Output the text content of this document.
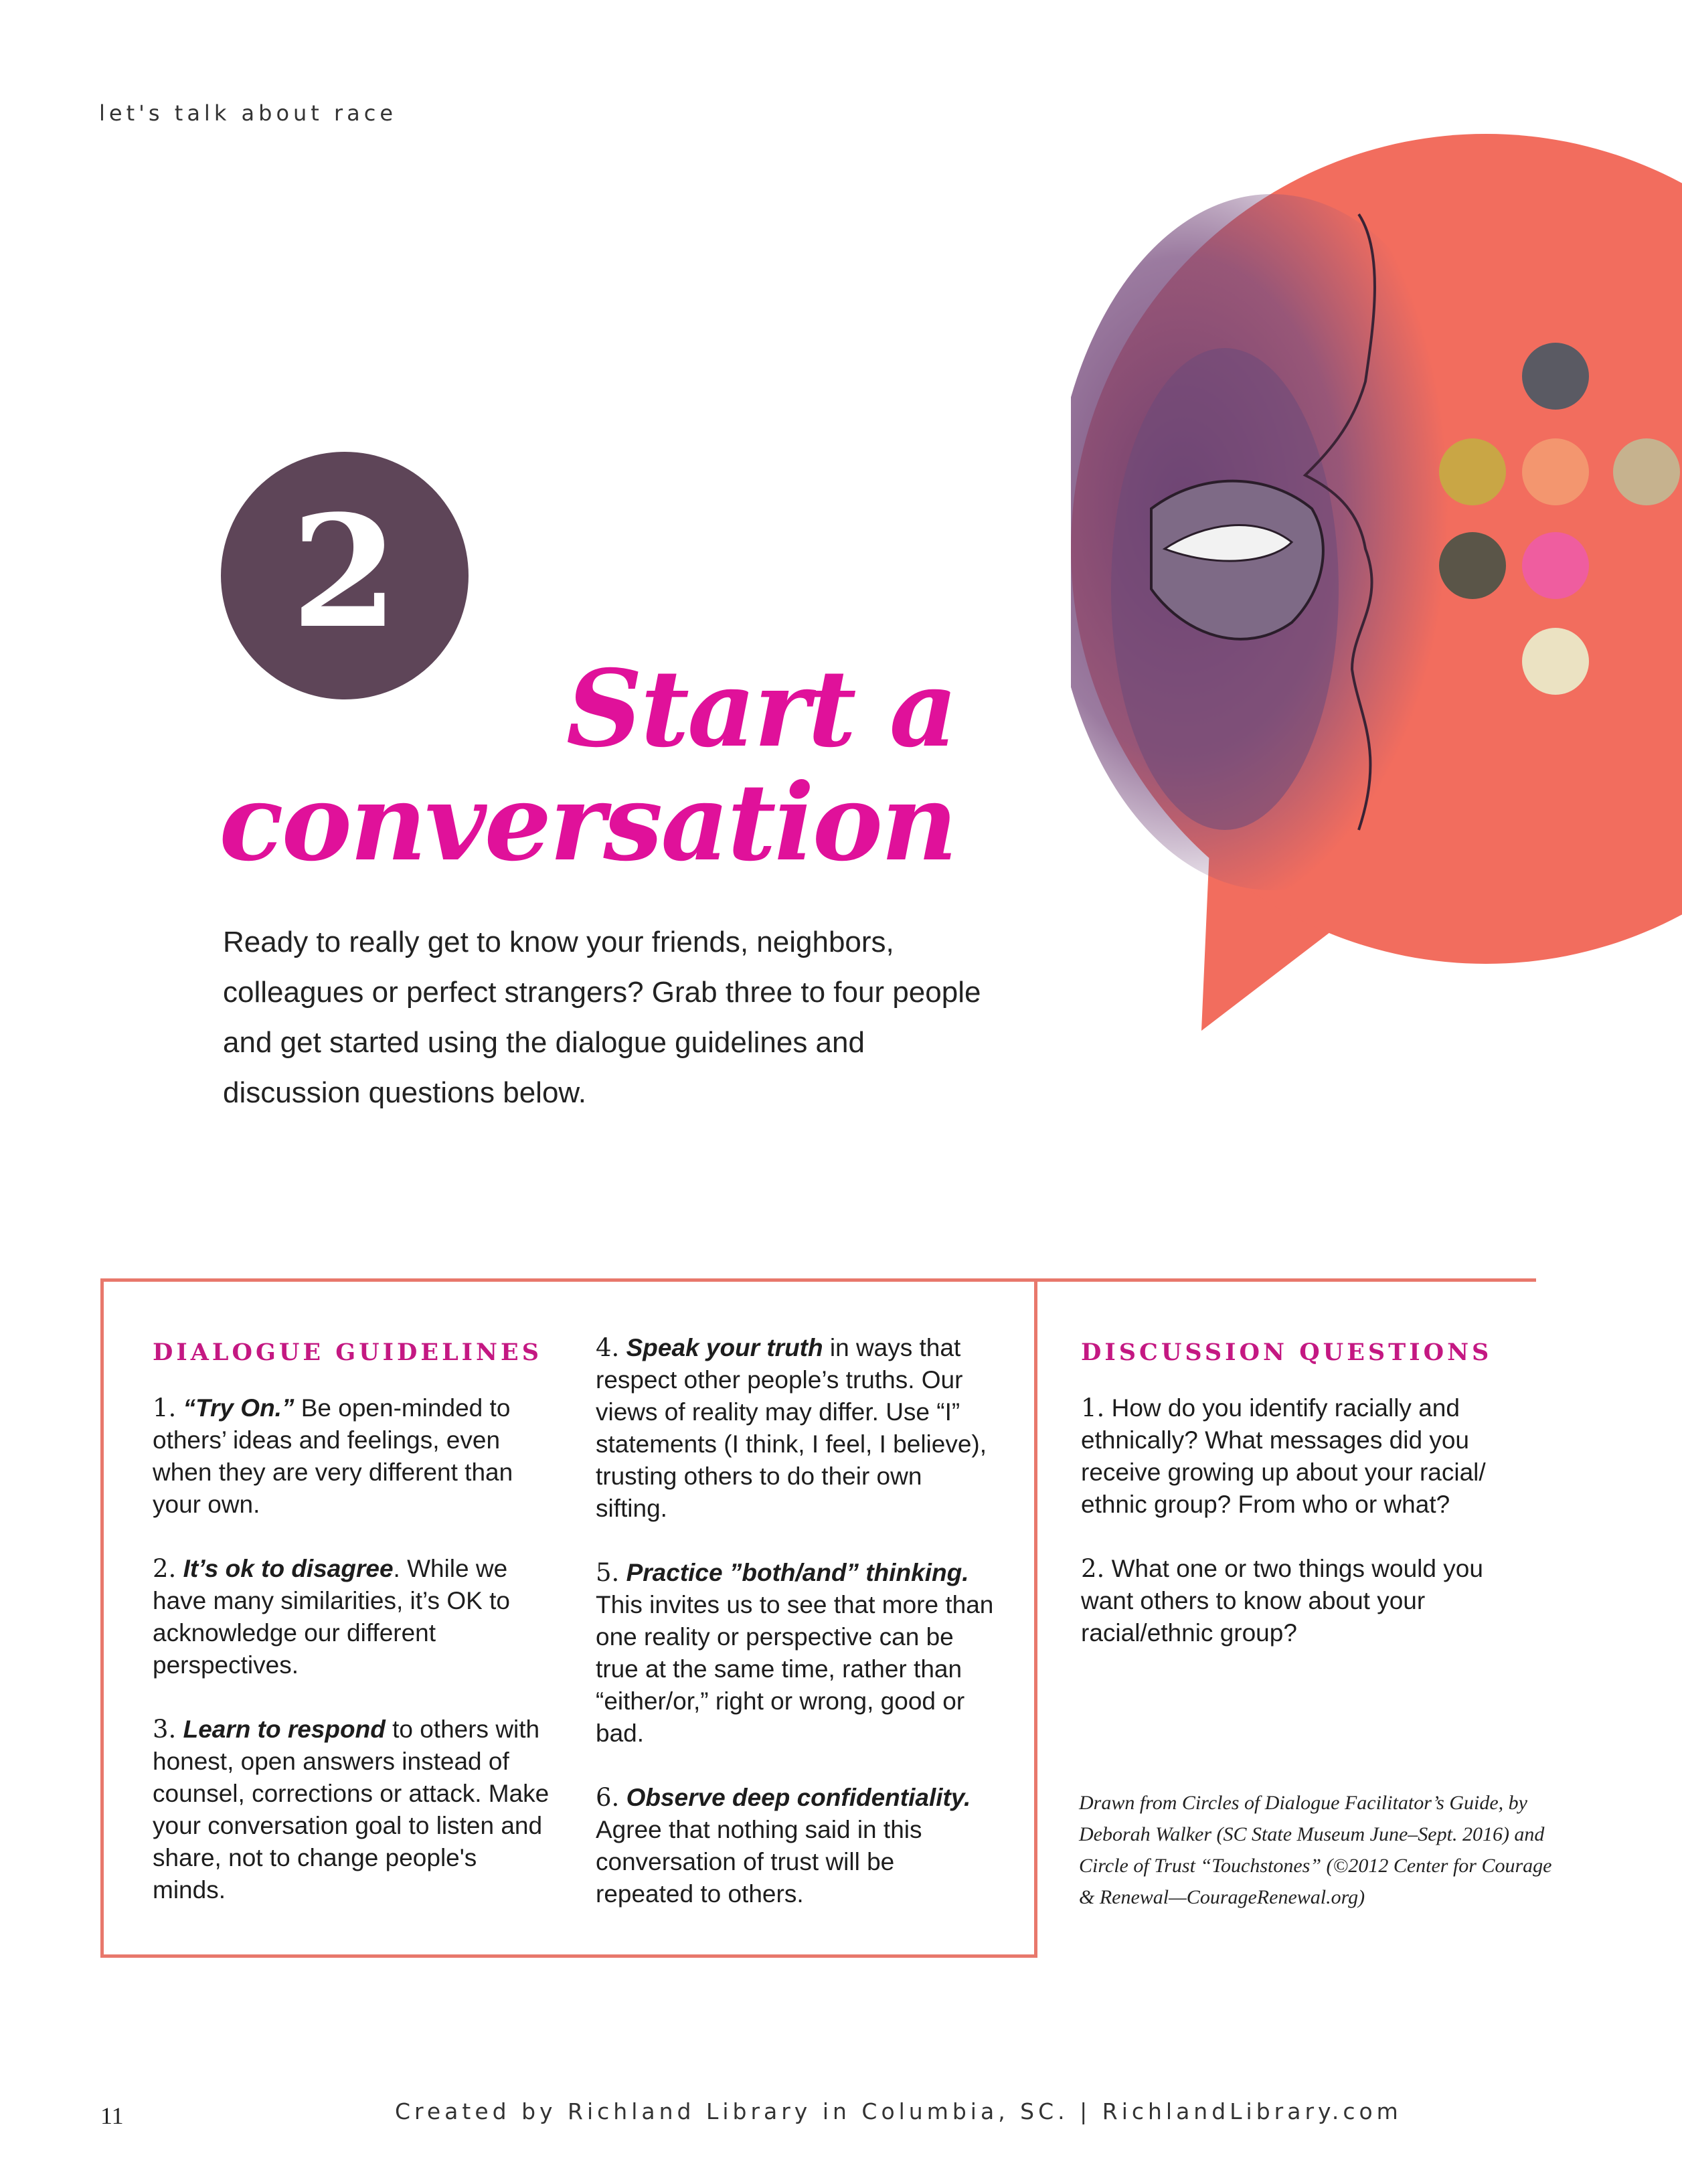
let's talk about race
2
Start a
conversation
Ready to really get to know your friends, neighbors, colleagues or perfect strangers? Grab three to four people and get started using the dialogue guidelines and discussion questions below.
DIALOGUE GUIDELINES
1. “Try On.” Be open-minded to others’ ideas and feelings, even when they are very different than your own.
2. It’s ok to disagree. While we have many similarities, it’s OK to acknowledge our different perspectives.
3. Learn to respond to others with honest, open answers instead of counsel, corrections or attack. Make your conversation goal to listen and share, not to change people's minds.
4. Speak your truth in ways that respect other people’s truths. Our views of reality may differ. Use “I” statements (I think, I feel, I believe), trusting others to do their own sifting.
5. Practice ”both/and” thinking. This invites us to see that more than one reality or perspective can be true at the same time, rather than “either/or,” right or wrong, good or bad.
6. Observe deep confidentiality. Agree that nothing said in this conversation of trust will be repeated to others.
DISCUSSION QUESTIONS
1. How do you identify racially and ethnically? What messages did you receive growing up about your racial/ ethnic group? From who or what?
2. What one or two things would you want others to know about your racial/ethnic group?
Drawn from Circles of Dialogue Facilitator’s Guide, by Deborah Walker (SC State Museum June–Sept. 2016) and Circle of Trust “Touchstones” (©2012 Center for Courage & Renewal—CourageRenewal.org)
11	Created by Richland Library in Columbia, SC. | RichlandLibrary.com
